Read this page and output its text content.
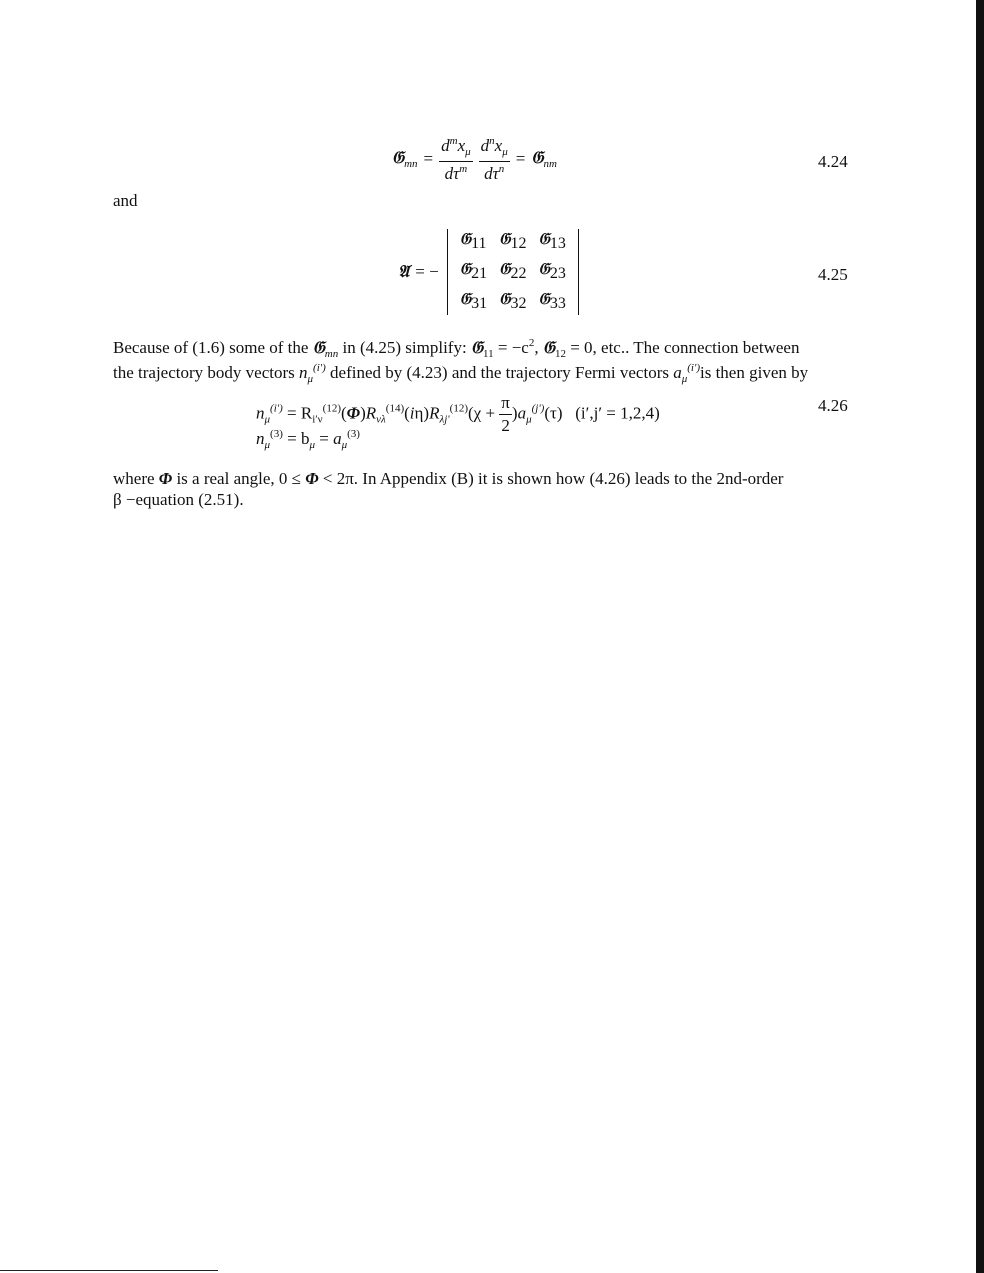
𝔊$_{mn}$ = $\frac{d^mx_\mu}{d\tau^m} \frac{d^nx_\mu}{d\tau^n}$ = 𝔊$_{nm}$	4.24
and
𝔄 = −
𝔊11 𝔊12 𝔊13
𝔊21 𝔊22 𝔊23
𝔊31 𝔊32 𝔊33
4.25
Because of (1.6) some of the 𝔊$_{mn}$ in (4.25) simplify: 𝔊$_{11}$ = $-c^2$, 𝔊$_{12}$ = 0, etc.. The connection between
the trajectory body vectors $n_\mu^{(iʹ)}$ defined by (4.23) and the trajectory Fermi vectors $a_\mu^{(iʹ)}is$ then given by
$n_\mu^{(iʹ)} = R_{iʹ\nu}^{(12)}(\Phi)R_{\nu\lambda}^{(14)}(i\eta)R_{\lambda jʹ}^{(12)}(\chi + \frac{\pi}{2} )a_\mu^{(jʹ)}(\tau)$   (iʹ,jʹ = 1,2,4)	4.26
$n_\mu^{(3)} = b_\mu = a_\mu^{(3)}$
where Φ is a real angle, 0 ≤ Φ < 2π. In Appendix (B) it is shown how (4.26) leads to the 2nd-order
β −equation (2.51).
